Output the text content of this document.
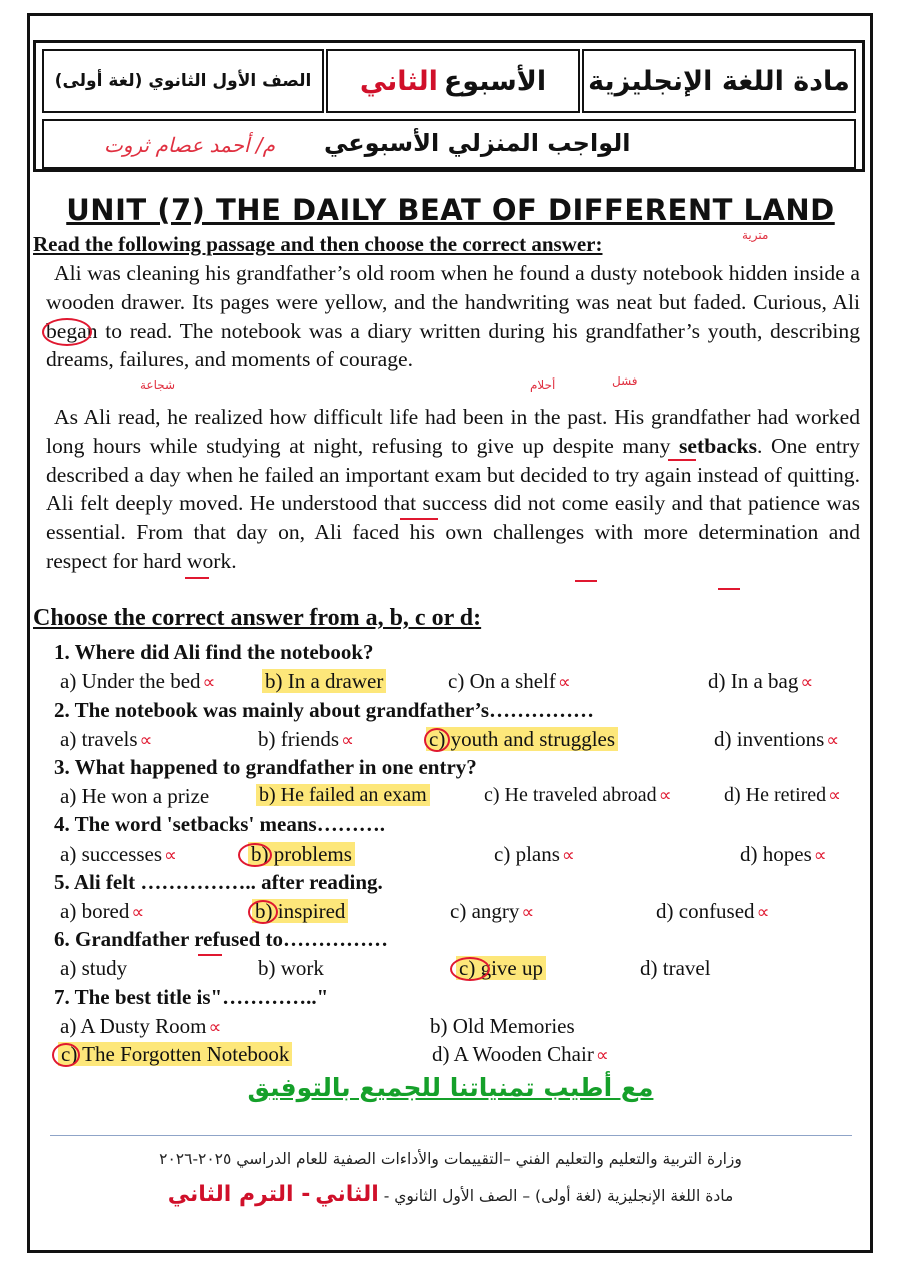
مادة اللغة الإنجليزية
الأسبوع
الثاني
الصف الأول الثانوي (لغة أولى)
الواجب المنزلي الأسبوعي
م/ أحمد عصام ثروت
UNIT (7) THE DAILY BEAT OF DIFFERENT LAND
Read the following passage and then choose the correct answer:	مترية
Ali was cleaning his grandfather’s old room when he found a dusty notebook hidden inside a wooden drawer. Its pages were yellow, and the handwriting was neat but faded. Curious, Ali began to read. The notebook was a diary written during his grandfather’s youth, describing dreams, failures, and moments of courage.
شجاعة	أحلام	فشل
As Ali read, he realized how difficult life had been in the past. His grandfather had worked long hours while studying at night, refusing to give up despite many setbacks. One entry described a day when he failed an important exam but decided to try again instead of quitting. Ali felt deeply moved. He understood that success did not come easily and that patience was essential. From that day on, Ali faced his own challenges with more determination and respect for hard work.
Choose the correct answer from a, b, c or d:
1. Where did Ali find the notebook?
a) Under the bed ∝ b) In a drawer	c) On a shelf ∝	d) In a bag ∝
2. The notebook was mainly about grandfather’s……………
a) travels ∝	b) friends ∝	c) youth and struggles	d) inventions ∝
3. What happened to grandfather in one entry?
a) He won a prize b) He failed an exam	c) He traveled abroad ∝	d) He retired ∝
4. The word 'setbacks' means……….
a) successes ∝	b) problems	c) plans ∝	d) hopes ∝
5. Ali felt …………….. after reading.
a) bored ∝	b) inspired	c) angry ∝	d) confused ∝
6. Grandfather refused to……………
a) study	b) work	c) give up	d) travel
7. The best title is"………….."
a) A Dusty Room ∝	b) Old Memories
c) The Forgotten Notebook	d) A Wooden Chair ∝
مع أطيب تمنياتنا للجميع بالتوفيق
وزارة التربية والتعليم والتعليم الفني –التقييمات والأداءات الصفية للعام الدراسي ٢٠٢٥-٢٠٢٦
مادة اللغة الإنجليزية (لغة أولى) – الصف الأول الثانوي - الثاني - الترم الثاني
